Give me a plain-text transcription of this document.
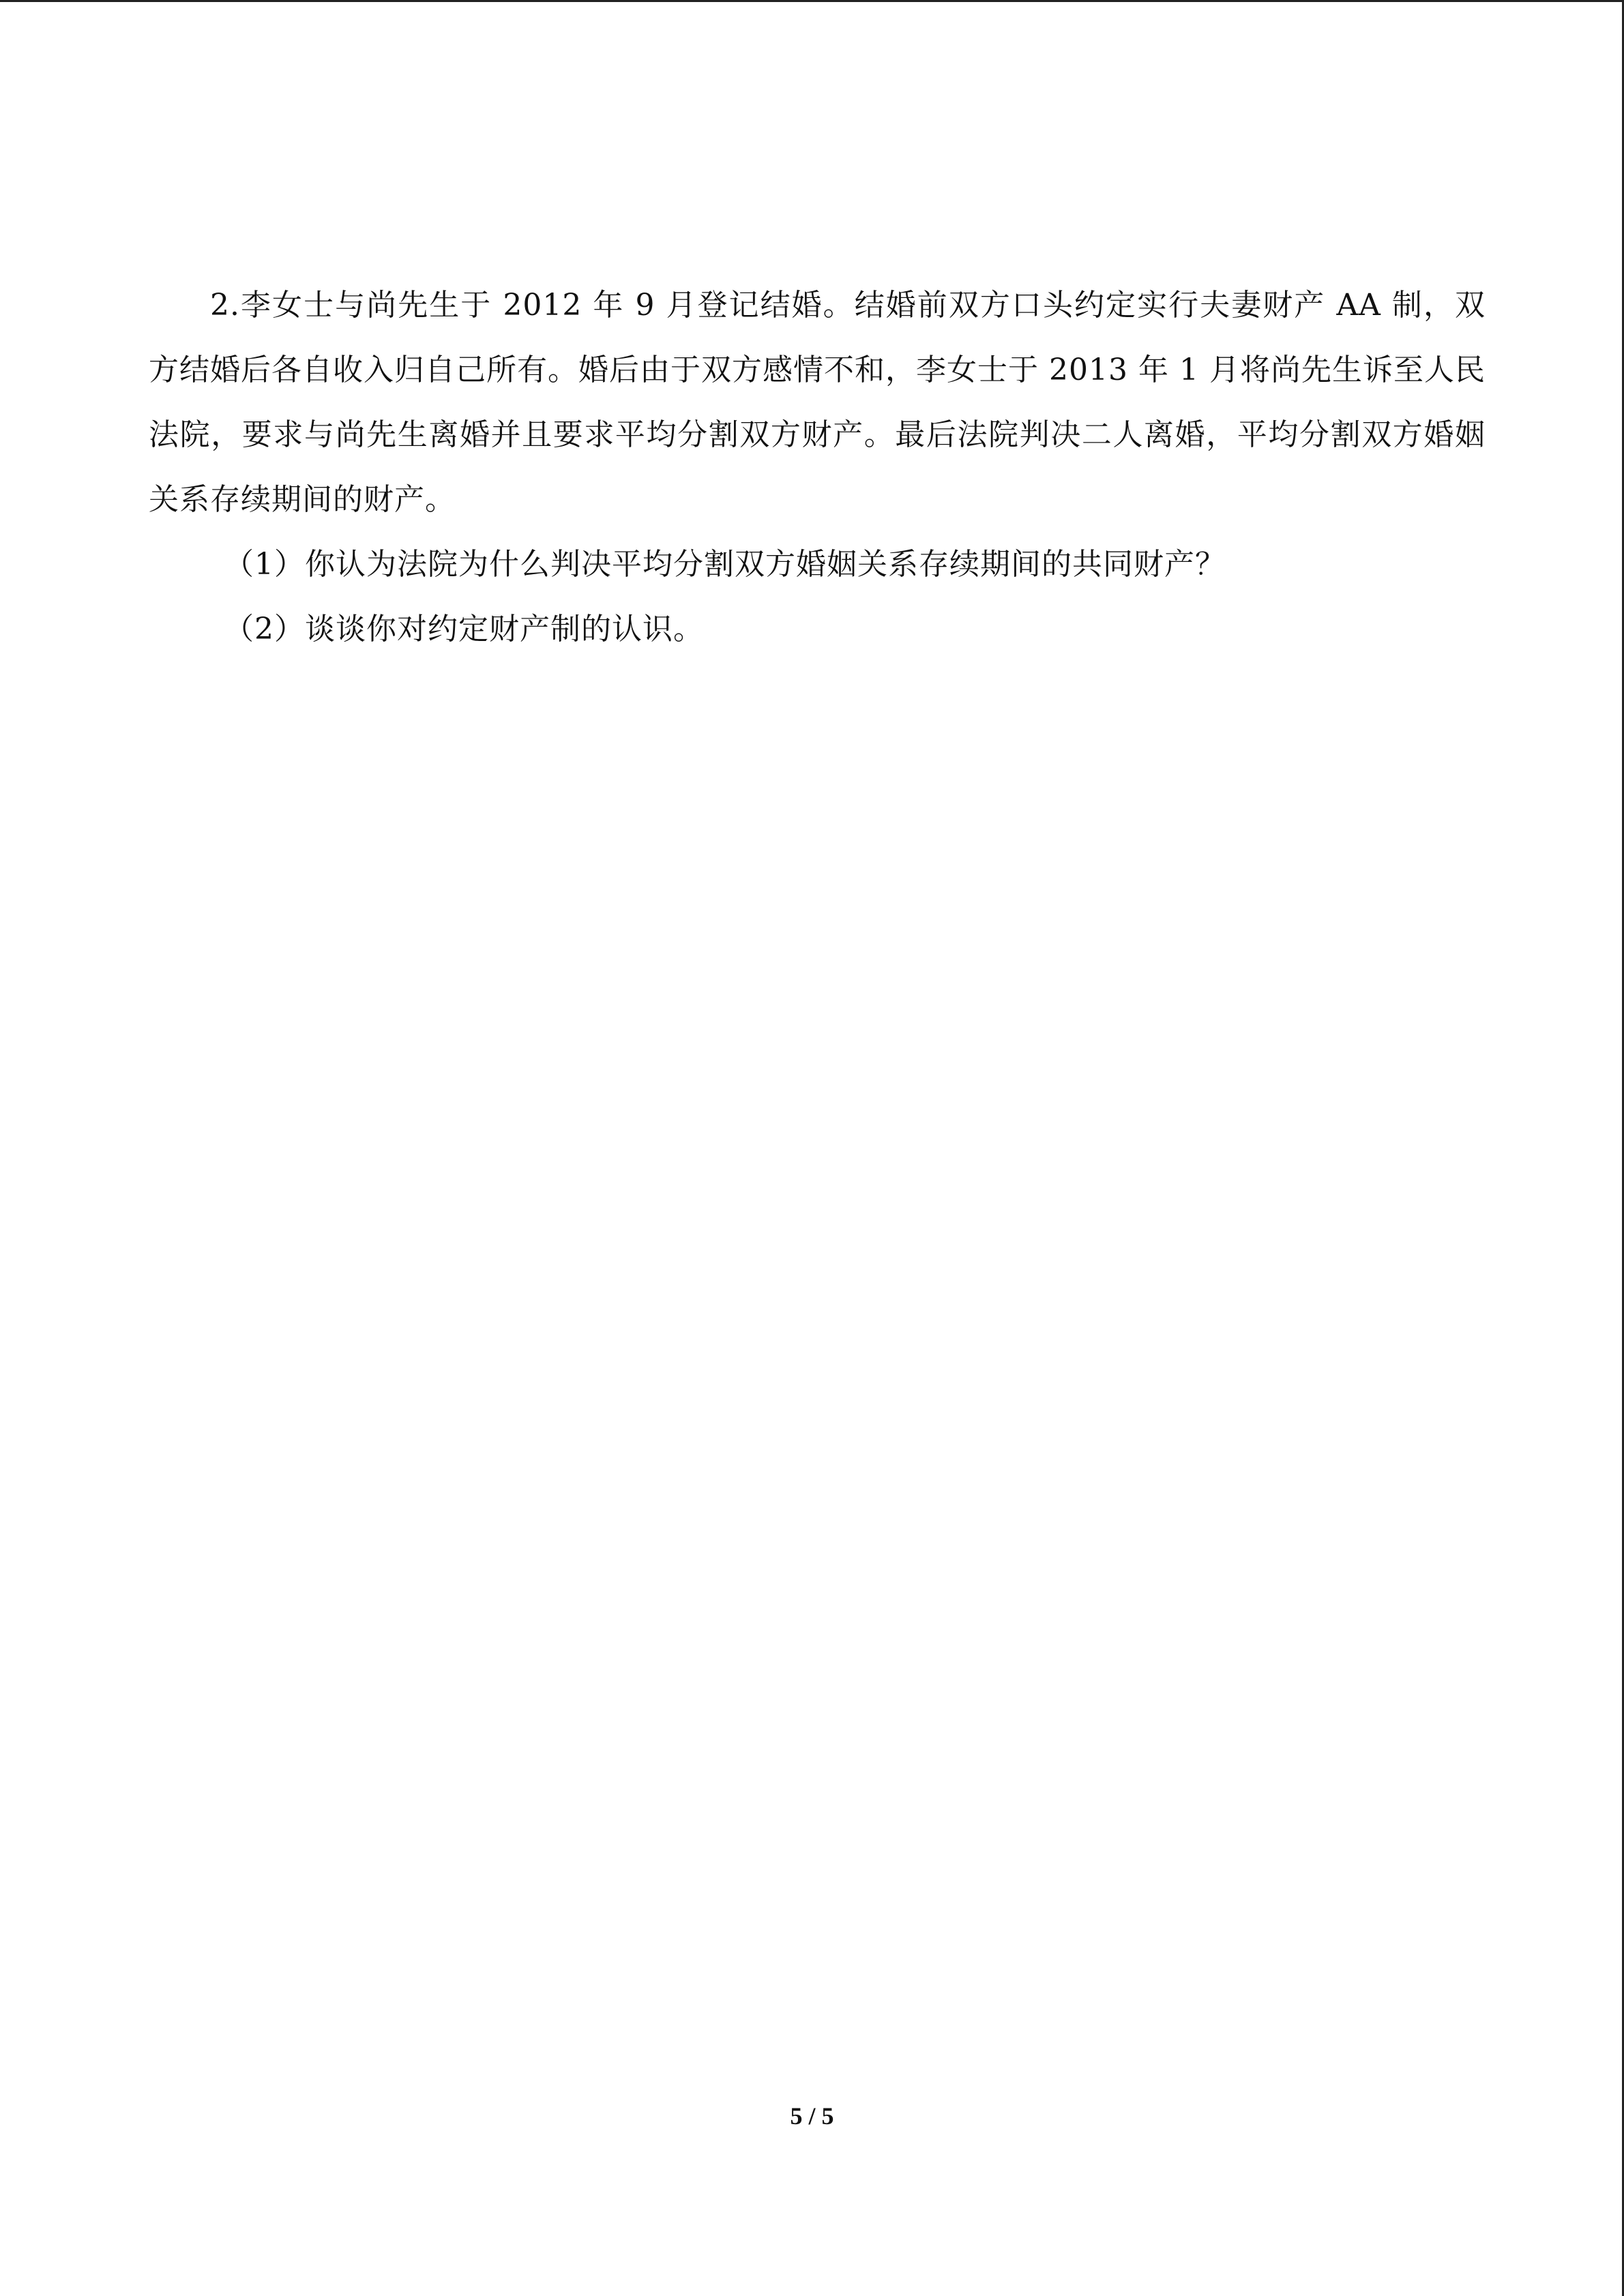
2.李女士与尚先生于 2012 年 9 月登记结婚。结婚前双方口头约定实行夫妻财产 AA 制，双方结婚后各自收入归自己所有。婚后由于双方感情不和，李女士于 2013 年 1 月将尚先生诉至人民法院，要求与尚先生离婚并且要求平均分割双方财产。最后法院判决二人离婚，平均分割双方婚姻关系存续期间的财产。

（1）你认为法院为什么判决平均分割双方婚姻关系存续期间的共同财产？

（2）谈谈你对约定财产制的认识。

5 / 5
